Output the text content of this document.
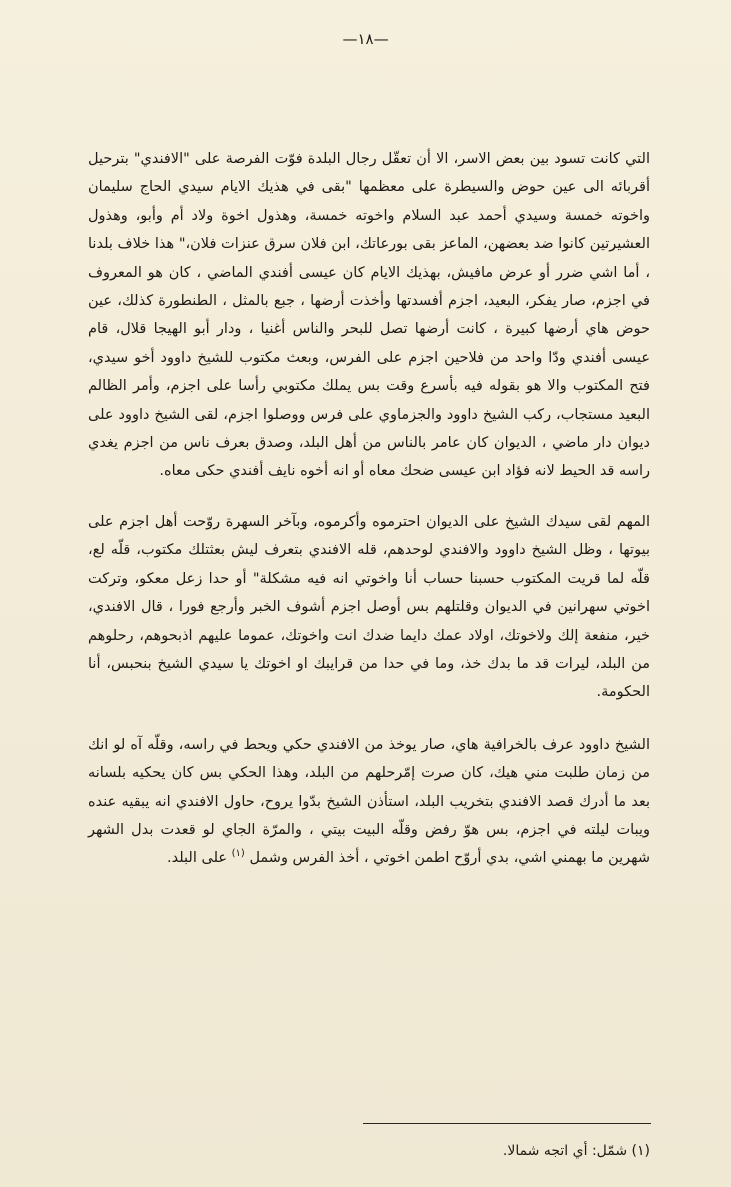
—١٨—

التي كانت تسود بين بعض الاسر، الا أن تعقّل رجال البلدة فوّت الفرصة على "الافندي" بترحيل أقربائه الى عين حوض والسيطرة على معظمها "بقى في هذيك الايام سيدي الحاج سليمان واخوته خمسة وسيدي أحمد عبد السلام واخوته خمسة، وهذول اخوة ولاد أم وأبو، وهذول العشيرتين كانوا ضد بعضهن، الماعز بقى بورعاتك، ابن فلان سرق عنزات فلان،" هذا خلاف بلدنا ، أما اشي ضرر أو عرض مافيش، بهذيك الايام كان عيسى أفندي الماضي ، كان هو المعروف في اجزم، صار يفكر، البعيد، اجزم أفسدتها وأخذت أرضها ، جبع بالمثل ، الطنطورة كذلك، عين حوض هاي أرضها كبيرة ، كانت أرضها تصل للبحر والناس أغنيا ، ودار أبو الهيجا قلال، قام عيسى أفندي ودّا واحد من فلاحين اجزم على الفرس، وبعث مكتوب للشيخ داوود أخو سيدي، فتح المكتوب والا هو بقوله فيه بأسرع وقت بس يملك مكتوبي رأسا على اجزم، وأمر الظالم البعيد مستجاب، ركب الشيخ داوود والجزماوي على فرس ووصلوا اجزم، لقى الشيخ داوود على ديوان دار ماضي ، الديوان كان عامر بالناس من أهل البلد، وصدق بعرف ناس من اجزم يغدي راسه قد الحيط لانه فؤاد ابن عيسى ضحك معاه أو انه أخوه نايف أفندي حكى معاه.

المهم لقى سيدك الشيخ على الديوان احترموه وأكرموه، وبآخر السهرة روّحت أهل اجزم على بيوتها ، وظل الشيخ داوود والافندي لوحدهم، قله الافندي بتعرف ليش بعثتلك مكتوب، قلّه لع، قلّه لما قريت المكتوب حسبنا حساب أنا واخوتي انه فيه مشكلة" أو حدا زعل معكو، وتركت اخوتي سهرانين في الديوان وقلتلهم بس أوصل اجزم أشوف الخبر وأرجع فورا ، قال الافندي، خير، منفعة إلك ولاخوتك، اولاد عمك دايما ضدك انت واخوتك، عموما عليهم اذبحوهم، رحلوهم من البلد، ليرات قد ما بدك خذ، وما في حدا من قرايبك او اخوتك يا سيدي الشيخ بنحبس، أنا الحكومة.

الشيخ داوود عرف بالخرافية هاي، صار يوخذ من الافندي حكي ويحط في راسه، وقلّه آه لو انك من زمان طلبت مني هيك، كان صرت إمّرحلهم من البلد، وهذا الحكي بس كان يحكيه بلسانه بعد ما أدرك قصد الافندي بتخريب البلد، استأذن الشيخ بدّوا يروح، حاول الافندي انه يبقيه عنده ويبات ليلته في اجزم، بس هوّ رفض وقلّه البيت بيتي ، والمرّة الجاي لو قعدت بدل الشهر شهرين ما بهمني اشي، بدي أروّح اطمن اخوتي ، أخذ الفرس وشمل $^{(١)}$ على البلد.

(١) شمّل: أي اتجه شمالا.
